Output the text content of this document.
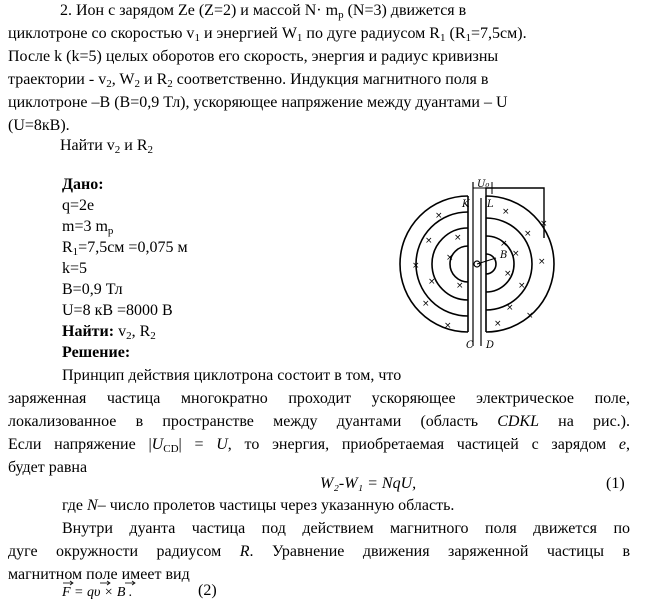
2. Ион с зарядом Ze (Z=2) и массой $N\cdot m_p$ (N=3) движется в
циклотроне со скоростью $v_1$ и энергией $W_1$ по дуге радиусом $R_1$ $(R_1=7,5см)$.
После k (k=5) целых оборотов его скорость, энергия и радиус кривизны
траектории - $v_2$, $W_2$ и $R_2$ соответственно. Индукция магнитного поля в
циклотроне –B (B=0,9 Тл), ускоряющее напряжение между дуантами – U
(U=8кВ).
Найти $v_2$ и $R_2$
Дано:
q=2e
m=3 $m_p$
$R_1=7,5см =0,075$ м
k=5
B=0,9 Тл
U=8 кВ =8000 В
Найти: $v_2$, $R_2$
Решение:
Принцип действия циклотрона состоит в том, что
заряженная частица многократно проходит ускоряющее электрическое поле,
локализованное в пространстве между дуантами (область CDKL на рис.).
Если напряжение $|U_{CD}| = U$, то энергия, приобретаемая частицей с зарядом e,
будет равна
W₂-W₁ = NqU,	(1)
где N– число пролетов частицы через указанную область.
Внутри дуанта частица под действием магнитного поля движется по
дуге окружности радиусом R. Уравнение движения заряженной частицы в
магнитном поле имеет вид
F = qυ × B .	(2)
×
×
×
×
×
×
×
×
×
×
×
×
×
×
×
×
×
×
×
×
U₀
K L
B
C D
